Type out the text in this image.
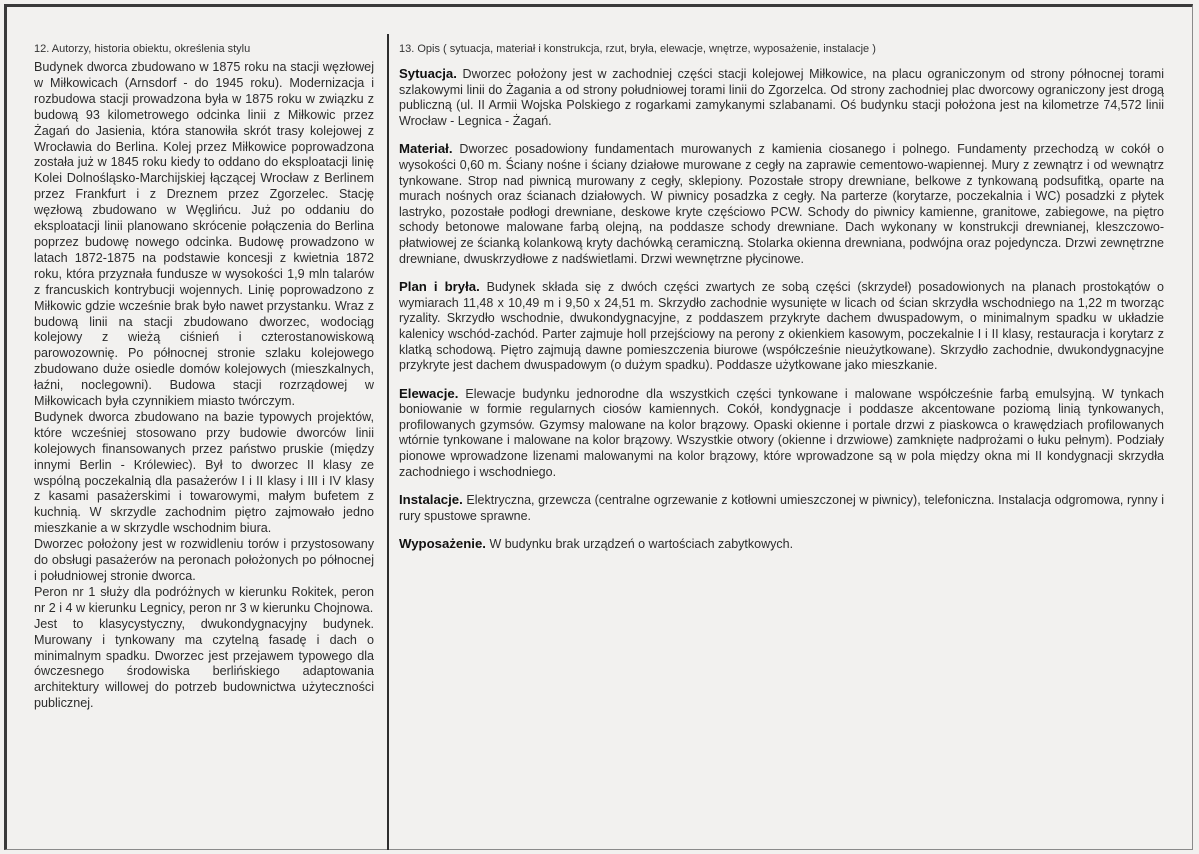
12. Autorzy, historia obiektu, określenia stylu

Budynek dworca zbudowano w 1875 roku na stacji węzłowej w Miłkowicach (Arnsdorf - do 1945 roku). Modernizacja i rozbudowa stacji prowadzona była w 1875 roku w związku z budową 93 kilometrowego odcinka linii z Miłkowic przez Żagań do Jasienia, która stanowiła skrót trasy kolejowej z Wrocławia do Berlina. Kolej przez Miłkowice poprowadzona została już w 1845 roku kiedy to oddano do eksploatacji linię Kolei Dolnośląsko-Marchijskiej łączącej Wrocław z Berlinem przez Frankfurt i z Dreznem przez Zgorzelec. Stację węzłową zbudowano w Węglińcu. Już po oddaniu do eksploatacji linii planowano skrócenie połączenia do Berlina poprzez budowę nowego odcinka. Budowę prowadzono w latach 1872-1875 na podstawie koncesji z kwietnia 1872 roku, która przyznała fundusze w wysokości 1,9 mln talarów z francuskich kontrybucji wojennych. Linię poprowadzono z Miłkowic gdzie wcześnie brak było nawet przystanku. Wraz z budową linii na stacji zbudowano dworzec, wodociąg kolejowy z wieżą ciśnień i czterostanowiskową parowozownię. Po północnej stronie szlaku kolejowego zbudowano duże osiedle domów kolejowych (mieszkalnych, łaźni, noclegowni). Budowa stacji rozrządowej w Miłkowicach była czynnikiem miasto twórczym.

Budynek dworca zbudowano na bazie typowych projektów, które wcześniej stosowano przy budowie dworców linii kolejowych finansowanych przez państwo pruskie (między innymi Berlin - Królewiec). Był to dworzec II klasy ze wspólną poczekalnią dla pasażerów I i II klasy i III i IV klasy z kasami pasażerskimi i towarowymi, małym bufetem z kuchnią. W skrzydle zachodnim piętro zajmowało jedno mieszkanie a w skrzydle wschodnim biura.

Dworzec położony jest w rozwidleniu torów i przystosowany do obsługi pasażerów na peronach położonych po północnej i południowej stronie dworca.

Peron nr 1 służy dla podróżnych w kierunku Rokitek, peron nr 2 i 4 w kierunku Legnicy, peron nr 3 w kierunku Chojnowa.

Jest to klasycystyczny, dwukondygnacyjny budynek. Murowany i tynkowany ma czytelną fasadę i dach o minimalnym spadku. Dworzec jest przejawem typowego dla ówczesnego środowiska berlińskiego adaptowania architektury willowej do potrzeb budownictwa użyteczności publicznej.

13. Opis ( sytuacja, materiał i konstrukcja, rzut, bryła, elewacje, wnętrze, wyposażenie, instalacje )

Sytuacja. Dworzec położony jest w zachodniej części stacji kolejowej Miłkowice, na placu ograniczonym od strony północnej torami szlakowymi linii do Żagania a od strony południowej torami linii do Zgorzelca. Od strony zachodniej plac dworcowy ograniczony jest drogą publiczną (ul. II Armii Wojska Polskiego z rogarkami zamykanymi szlabanami. Oś budynku stacji położona jest na kilometrze 74,572 linii Wrocław - Legnica - Żagań.

Materiał. Dworzec posadowiony fundamentach murowanych z kamienia ciosanego i polnego. Fundamenty przechodzą w cokół o wysokości 0,60 m. Ściany nośne i ściany działowe murowane z cegły na zaprawie cementowo-wapiennej. Mury z zewnątrz i od wewnątrz tynkowane. Strop nad piwnicą murowany z cegły, sklepiony. Pozostałe stropy drewniane, belkowe z tynkowaną podsufitką, oparte na murach nośnych oraz ścianach działowych. W piwnicy posadzka z cegły. Na parterze (korytarze, poczekalnia i WC) posadzki z płytek lastryko, pozostałe podłogi drewniane, deskowe kryte częściowo PCW. Schody do piwnicy kamienne, granitowe, zabiegowe, na piętro schody betonowe malowane farbą olejną, na poddasze schody drewniane. Dach wykonany w konstrukcji drewnianej, kleszczowo-płatwiowej ze ścianką kolankową kryty dachówką ceramiczną. Stolarka okienna drewniana, podwójna oraz pojedyncza. Drzwi zewnętrzne drewniane, dwuskrzydłowe z nadświetlami. Drzwi wewnętrzne płycinowe.

Plan i bryła. Budynek składa się z dwóch części zwartych ze sobą części (skrzydeł) posadowionych na planach prostokątów o wymiarach 11,48 x 10,49 m i 9,50 x 24,51 m. Skrzydło zachodnie wysunięte w licach od ścian skrzydła wschodniego na 1,22 m tworząc ryzality. Skrzydło wschodnie, dwukondygnacyjne, z poddaszem przykryte dachem dwuspadowym, o minimalnym spadku w układzie kalenicy wschód-zachód. Parter zajmuje holl przejściowy na perony z okienkiem kasowym, poczekalnie I i II klasy, restauracja i korytarz z klatką schodową. Piętro zajmują dawne pomieszczenia biurowe (współcześnie nieużytkowane). Skrzydło zachodnie, dwukondygnacyjne przykryte jest dachem dwuspadowym (o dużym spadku). Poddasze użytkowane jako mieszkanie.

Elewacje. Elewacje budynku jednorodne dla wszystkich części tynkowane i malowane współcześnie farbą emulsyjną. W tynkach boniowanie w formie regularnych ciosów kamiennych. Cokół, kondygnacje i poddasze akcentowane poziomą linią tynkowanych, profilowanych gzymsów. Gzymsy malowane na kolor brązowy. Opaski okienne i portale drzwi z piaskowca o krawędziach profilowanych wtórnie tynkowane i malowane na kolor brązowy. Wszystkie otwory (okienne i drzwiowe) zamknięte nadprożami o łuku pełnym). Podziały pionowe wprowadzone lizenami malowanymi na kolor brązowy, które wprowadzone są w pola między okna mi II kondygnacji skrzydła zachodniego i wschodniego.

Instalacje. Elektryczna, grzewcza (centralne ogrzewanie z kotłowni umieszczonej w piwnicy), telefoniczna. Instalacja odgromowa, rynny i rury spustowe sprawne.

Wyposażenie. W budynku brak urządzeń o wartościach zabytkowych.
